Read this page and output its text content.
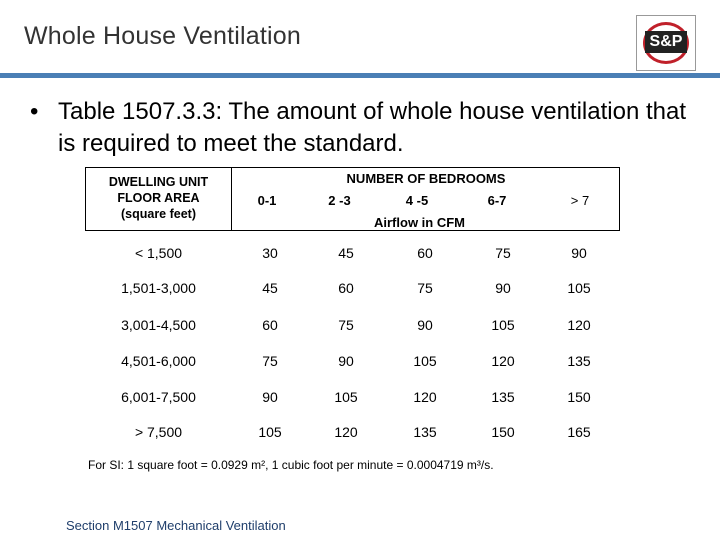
Whole House Ventilation	S&P
• Table 1507.3.3: The amount of whole house ventilation that is required to meet the standard.
DWELLING UNIT
FLOOR AREA
(square feet)
NUMBER OF BEDROOMS
0-1	2 -3	4 -5	6-7	> 7
Airflow in CFM
< 1,500	30	45	60	75	90
1,501-3,000	45	60	75	90	105
3,001-4,500	60	75	90	105	120
4,501-6,000	75	90	105	120	135
6,001-7,500	90	105	120	135	150
> 7,500	105	120	135	150	165
For SI: 1 square foot = 0.0929 m², 1 cubic foot per minute = 0.0004719 m³/s.
Section M1507 Mechanical Ventilation
